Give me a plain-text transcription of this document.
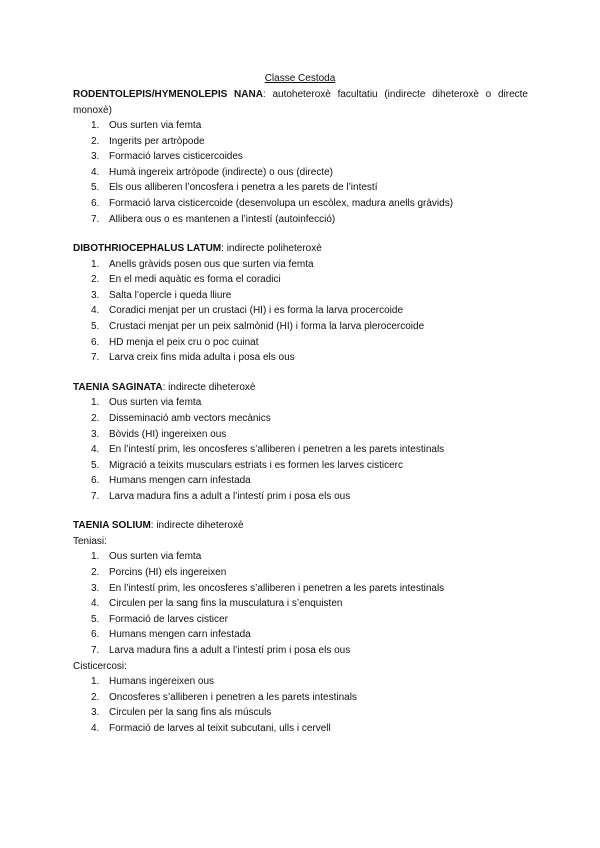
Classe Cestoda
RODENTOLEPIS/HYMENOLEPIS NANA: autoheteroxè facultatiu (indirecte diheteroxè o directe monoxè)
1. Ous surten via femta
2. Ingerits per artròpode
3. Formació larves cisticercoides
4. Humà ingereix artròpode (indirecte) o ous (directe)
5. Els ous alliberen l’oncosfera i penetra a les parets de l’intestí
6. Formació larva cisticercoide (desenvolupa un escòlex, madura anells gràvids)
7. Allibera ous o es mantenen a l’intestí (autoinfecció)
DIBOTHRIOCEPHALUS LATUM: indirecte poliheteroxè
1. Anells gràvids posen ous que surten via femta
2. En el medi aquàtic es forma el coradici
3. Salta l’opercle i queda lliure
4. Coradici menjat per un crustaci (HI) i es forma la larva procercoide
5. Crustaci menjat per un peix salmònid (HI) i forma la larva plerocercoide
6. HD menja el peix cru o poc cuinat
7. Larva creix fins mida adulta i posa els ous
TAENIA SAGINATA: indirecte diheteroxè
1. Ous surten via femta
2. Disseminació amb vectors mecànics
3. Bòvids (HI) ingereixen ous
4. En l’intestí prim, les oncosferes s’alliberen i penetren a les parets intestinals
5. Migració a teixits musculars estriats i es formen les larves cisticerc
6. Humans mengen carn infestada
7. Larva madura fins a adult a l’intestí prim i posa els ous
TAENIA SOLIUM: indirecte diheteroxè
Teniasi:
1. Ous surten via femta
2. Porcins (HI) els ingereixen
3. En l’intestí prim, les oncosferes s’alliberen i penetren a les parets intestinals
4. Circulen per la sang fins la musculatura i s’enquisten
5. Formació de larves cisticer
6. Humans mengen carn infestada
7. Larva madura fins a adult a l’intestí prim i posa els ous
Cisticercosi:
1. Humans ingereixen ous
2. Oncosferes s’alliberen i penetren a les parets intestinals
3. Circulen per la sang fins als músculs
4. Formació de larves al teixit subcutani, ulls i cervell
